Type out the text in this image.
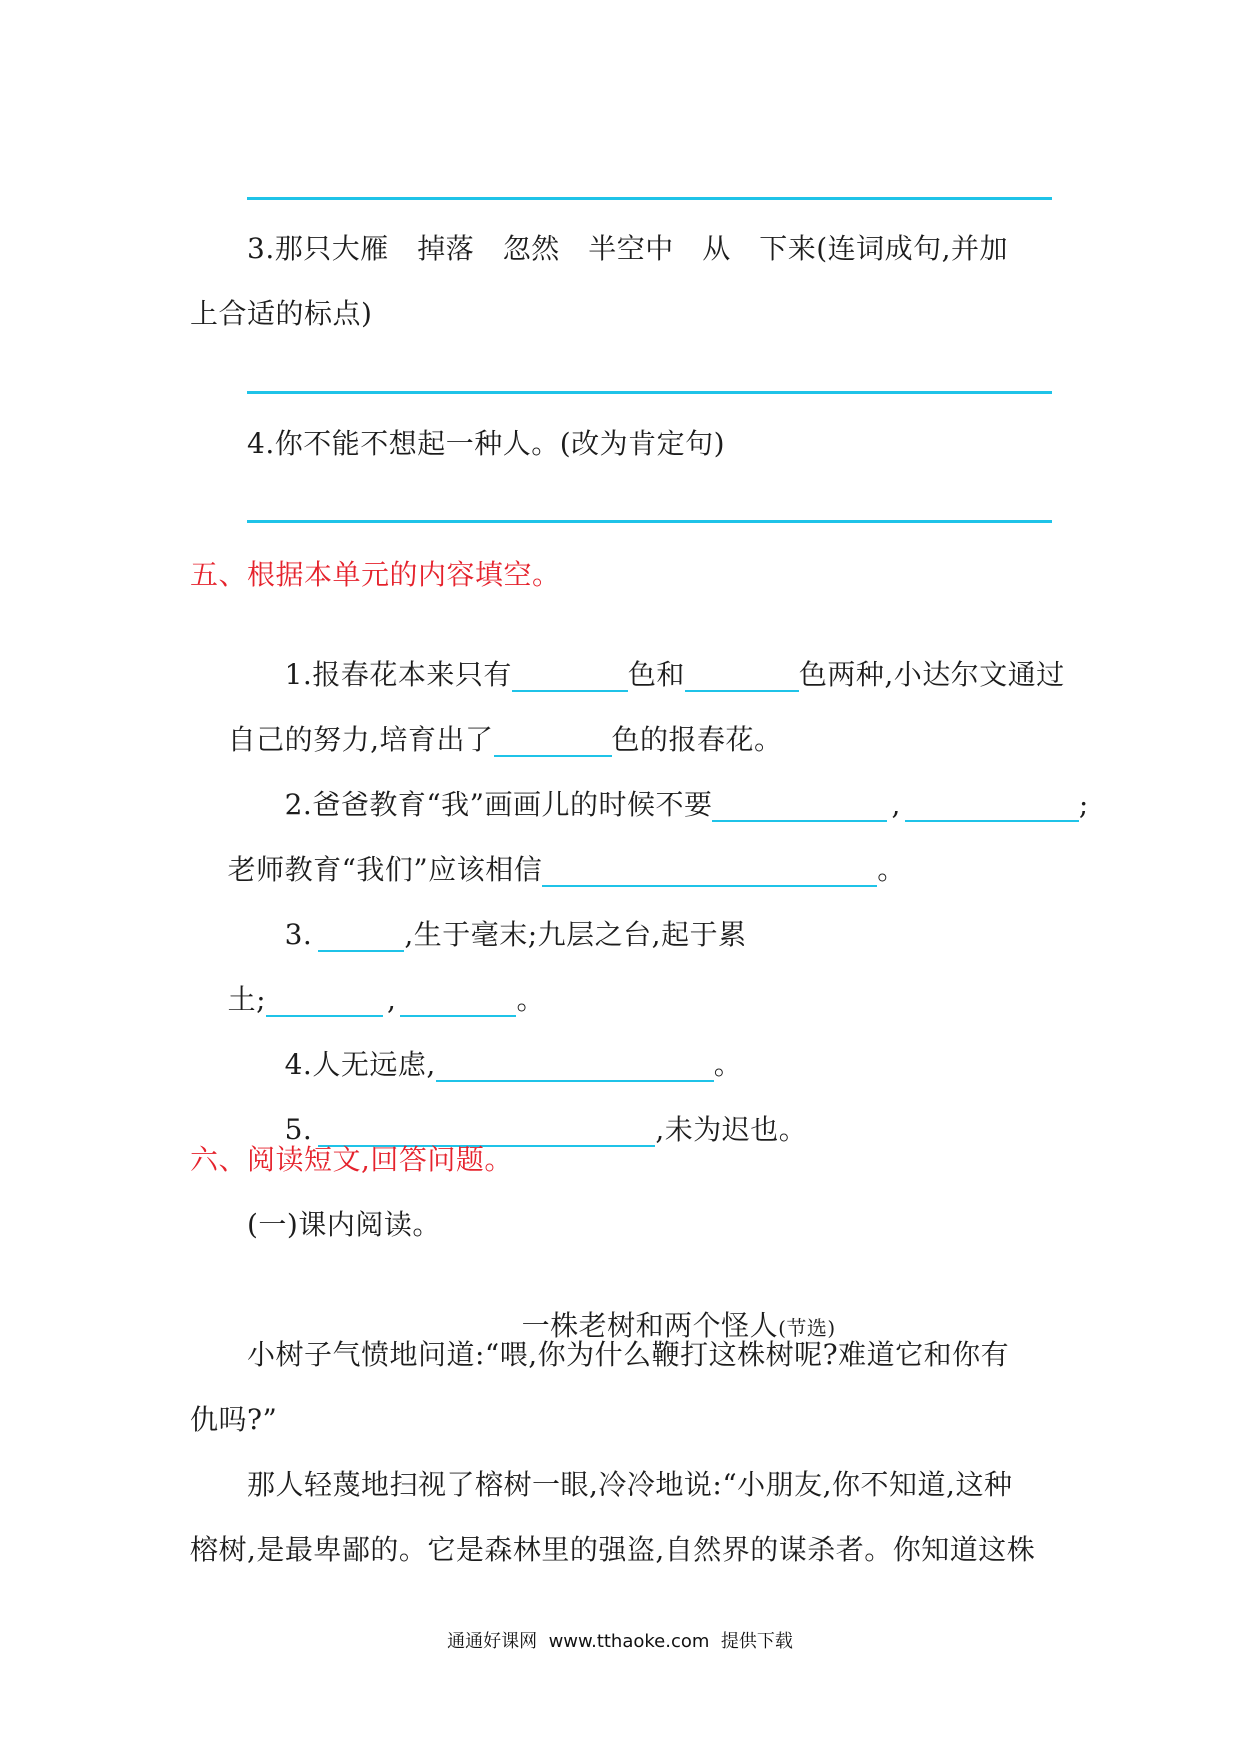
3.那只大雁　掉落　忽然　半空中　从　下来(连词成句,并加
上合适的标点)
4.你不能不想起一种人。(改为肯定句)
五、根据本单元的内容填空。

1.报春花本来只有	色和	色两种,小达尔文通过

自己的努力,培育出了	色的报春花。

2.爸爸教育“我”画画儿的时候不要	,	;

老师教育“我们”应该相信	。

3.	,生于毫末;九层之台,起于累

土;	,	。

4.人无远虑,	。

5.	,未为迟也。

六、阅读短文,回答问题。
(一)课内阅读。

一株老树和两个怪人(节选)

小树子气愤地问道:“喂,你为什么鞭打这株树呢?难道它和你有
仇吗?”
那人轻蔑地扫视了榕树一眼,冷冷地说:“小朋友,你不知道,这种
榕树,是最卑鄙的。它是森林里的强盗,自然界的谋杀者。你知道这株
通通好课网  www.tthaoke.com  提供下载
